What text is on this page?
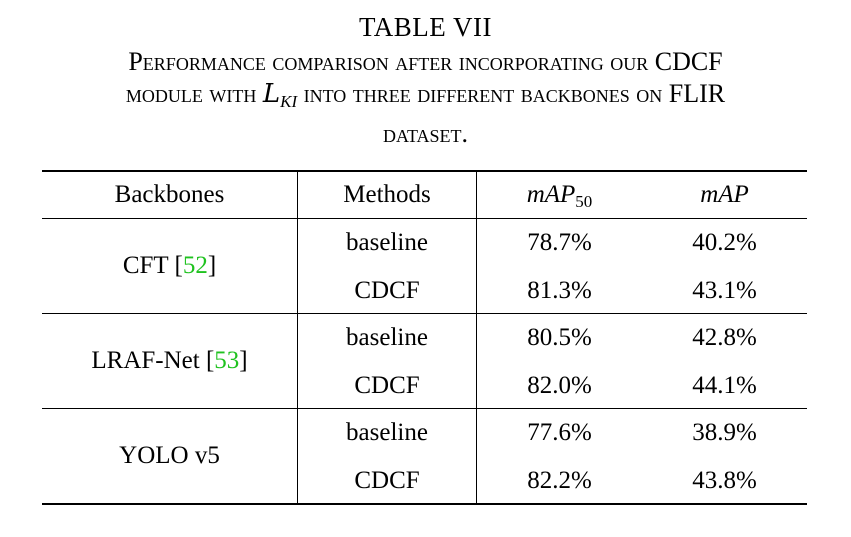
TABLE VII
Performance comparison after incorporating our CDCF
module with $L_{KI}$ into three different backbones on FLIR
dataset.
Backbones	Methods	mAP$_{50}$	mAP
CFT [52]
baseline	78.7%	40.2%
CDCF	81.3%	43.1%
LRAF-Net [53]
baseline	80.5%	42.8%
CDCF	82.0%	44.1%
YOLO v5
baseline	77.6%	38.9%
CDCF	82.2%	43.8%
